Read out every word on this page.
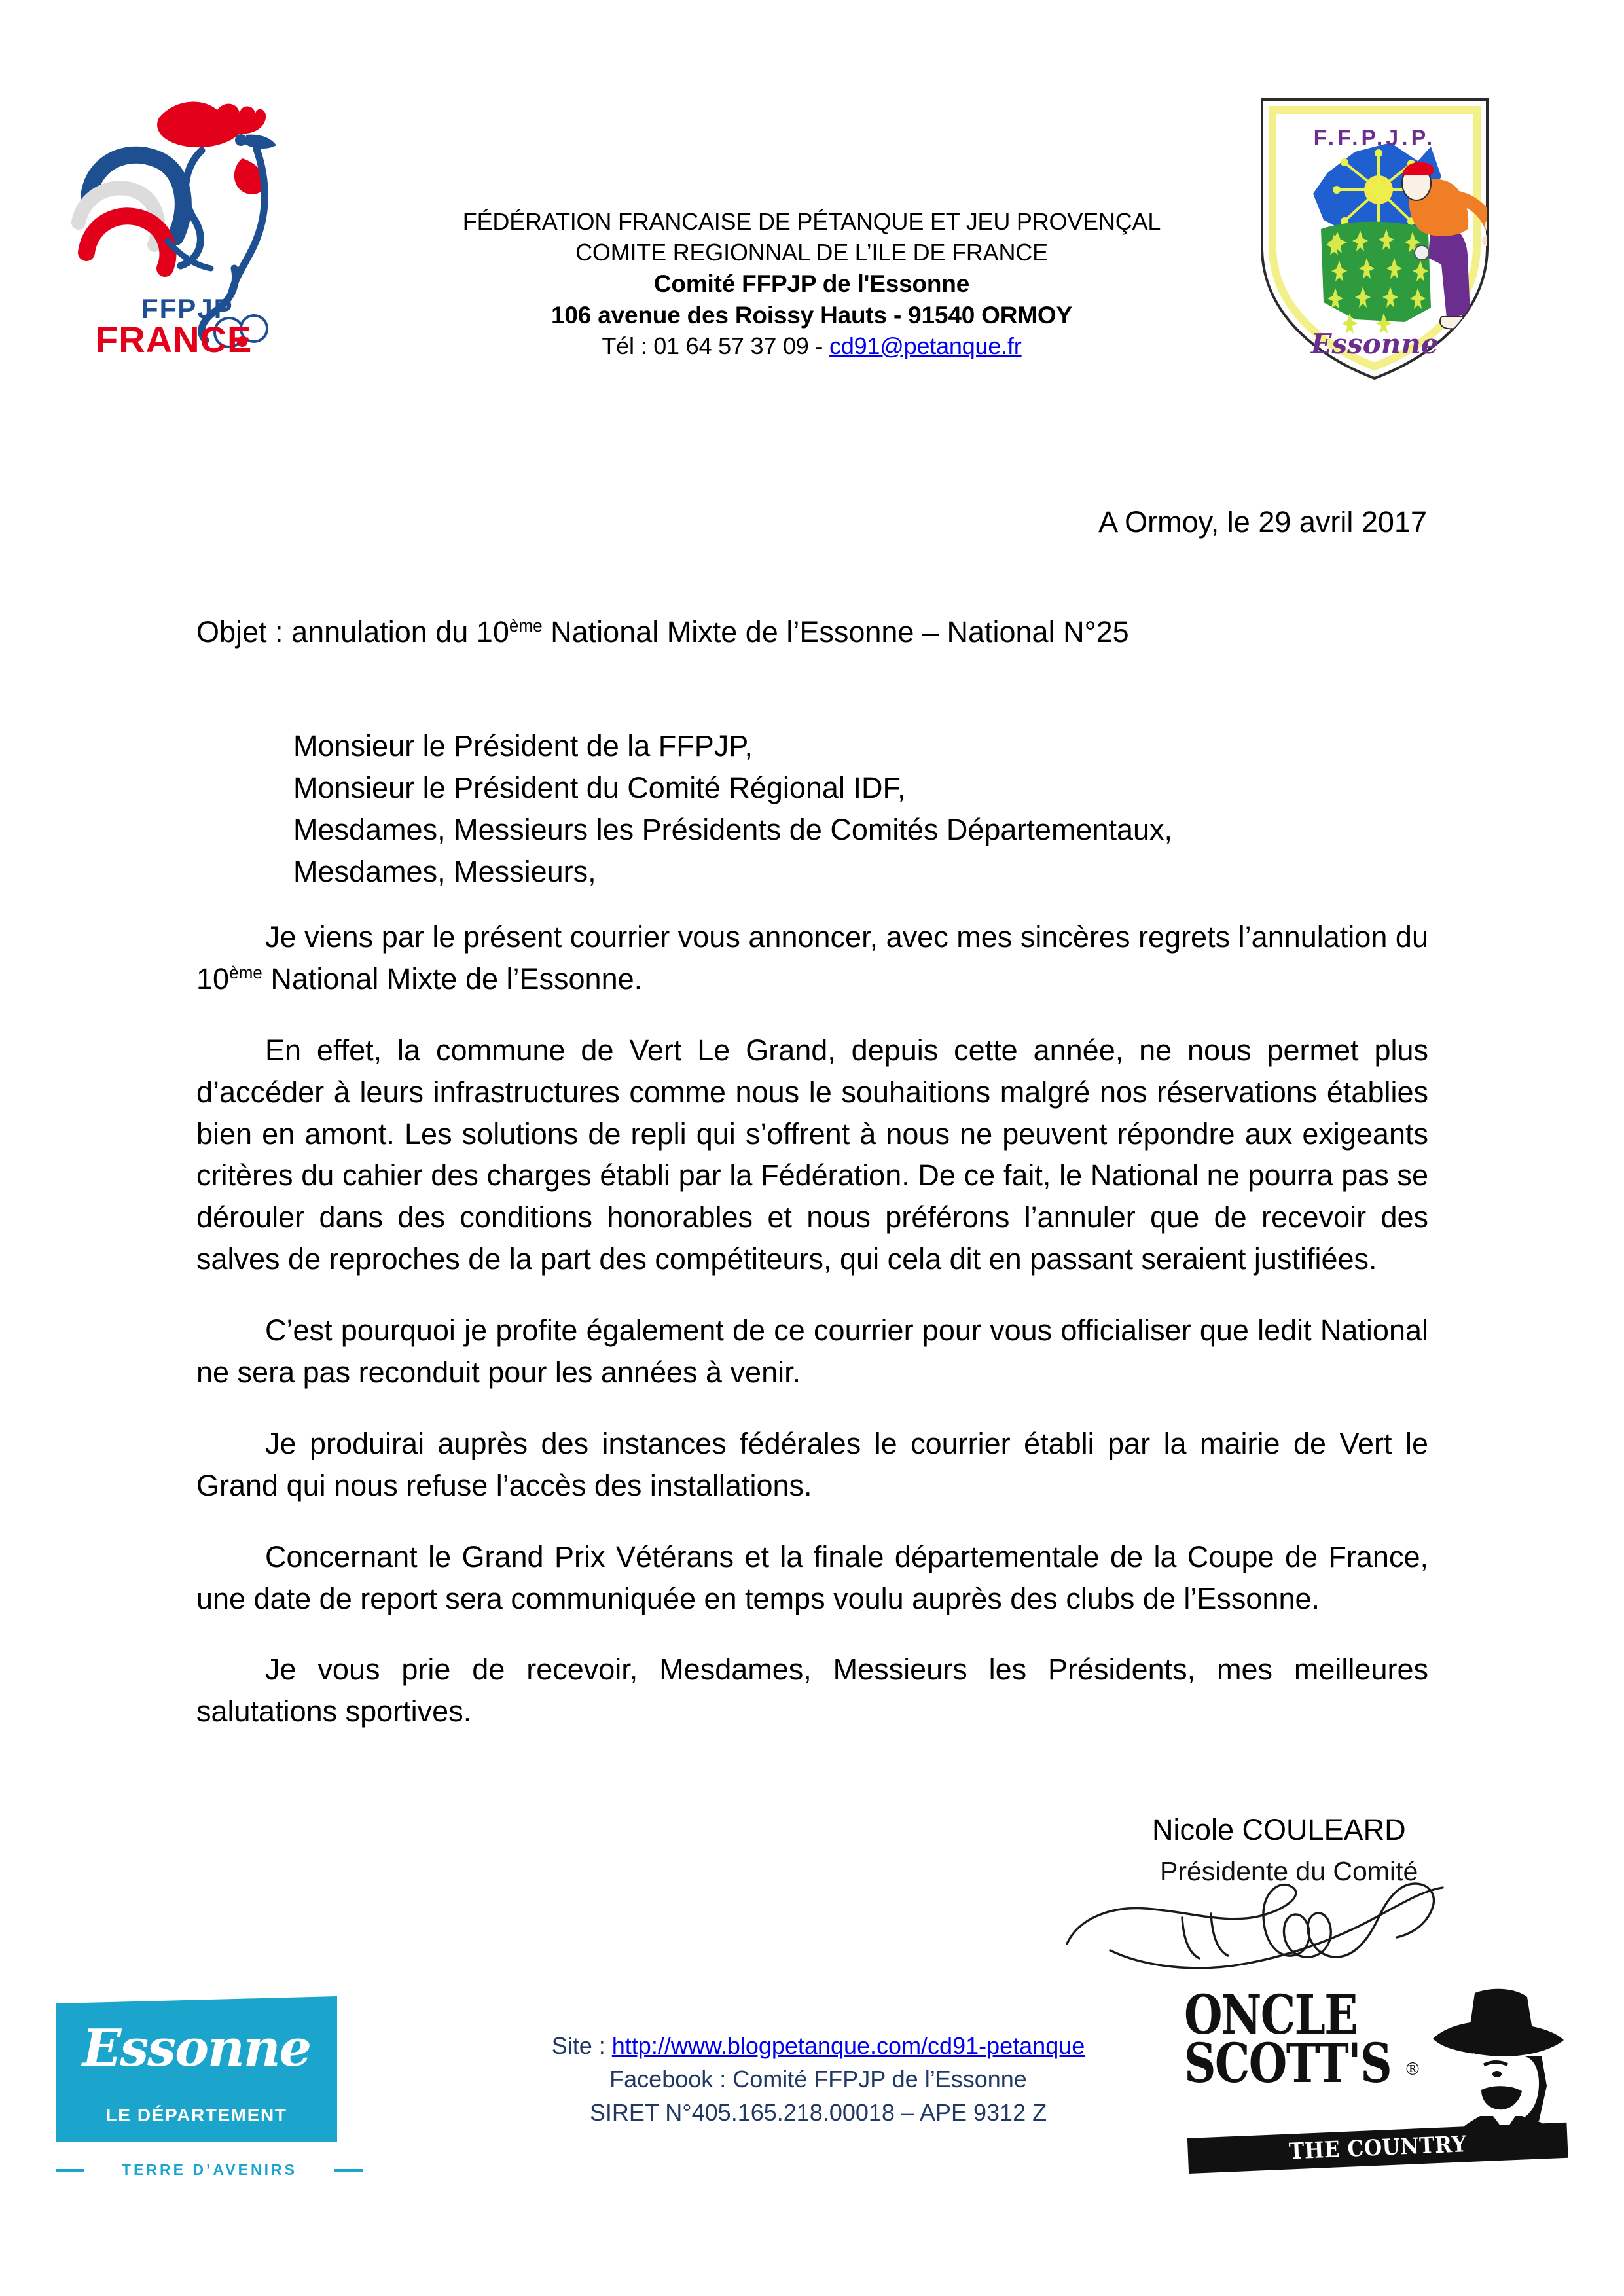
FFPJP
FRANCE
F.F.P.J.P.
Essonne
FÉDÉRATION FRANCAISE DE PÉTANQUE ET JEU PROVENÇAL
COMITE REGIONNAL DE L’ILE DE FRANCE
Comité FFPJP de l'Essonne
106 avenue des Roissy Hauts - 91540 ORMOY
Tél : 01 64 57 37 09 - cd91@petanque.fr
A Ormoy, le 29 avril 2017
Objet : annulation du 10ème National Mixte de l’Essonne – National N°25
Monsieur le Président de la FFPJP,
Monsieur le Président du Comité Régional IDF,
Mesdames, Messieurs les Présidents de Comités Départementaux,
Mesdames, Messieurs,

Je viens par le présent courrier vous annoncer, avec mes sincères regrets l’annulation du 10ème National Mixte de l’Essonne.

En effet, la commune de Vert Le Grand, depuis cette année, ne nous permet plus d’accéder à leurs infrastructures comme nous le souhaitions malgré nos réservations établies bien en amont. Les solutions de repli qui s’offrent à nous ne peuvent répondre aux exigeants critères du cahier des charges établi par la Fédération. De ce fait, le National ne pourra pas se dérouler dans des conditions honorables et nous préférons l’annuler que de recevoir des salves de reproches de la part des compétiteurs, qui cela dit en passant seraient justifiées.

C’est pourquoi je profite également de ce courrier pour vous officialiser que ledit National ne sera pas reconduit pour les années à venir.

Je produirai auprès des instances fédérales le courrier établi par la mairie de Vert le Grand qui nous refuse l’accès des installations.

Concernant le Grand Prix Vétérans et la finale départementale de la Coupe de France, une date de report sera communiquée en temps voulu auprès des clubs de l’Essonne.

Je vous prie de recevoir, Mesdames, Messieurs les Présidents, mes meilleures salutations sportives.

Nicole COULEARD
Présidente du Comité
Essonne
LE DÉPARTEMENT
TERRE D’AVENIRS
Site : http://www.blogpetanque.com/cd91-petanque
Facebook : Comité FFPJP de l’Essonne
SIRET N°405.165.218.00018 – APE 9312 Z
ONCLE
SCOTT'S ®
THE COUNTRY RESTAURANT
